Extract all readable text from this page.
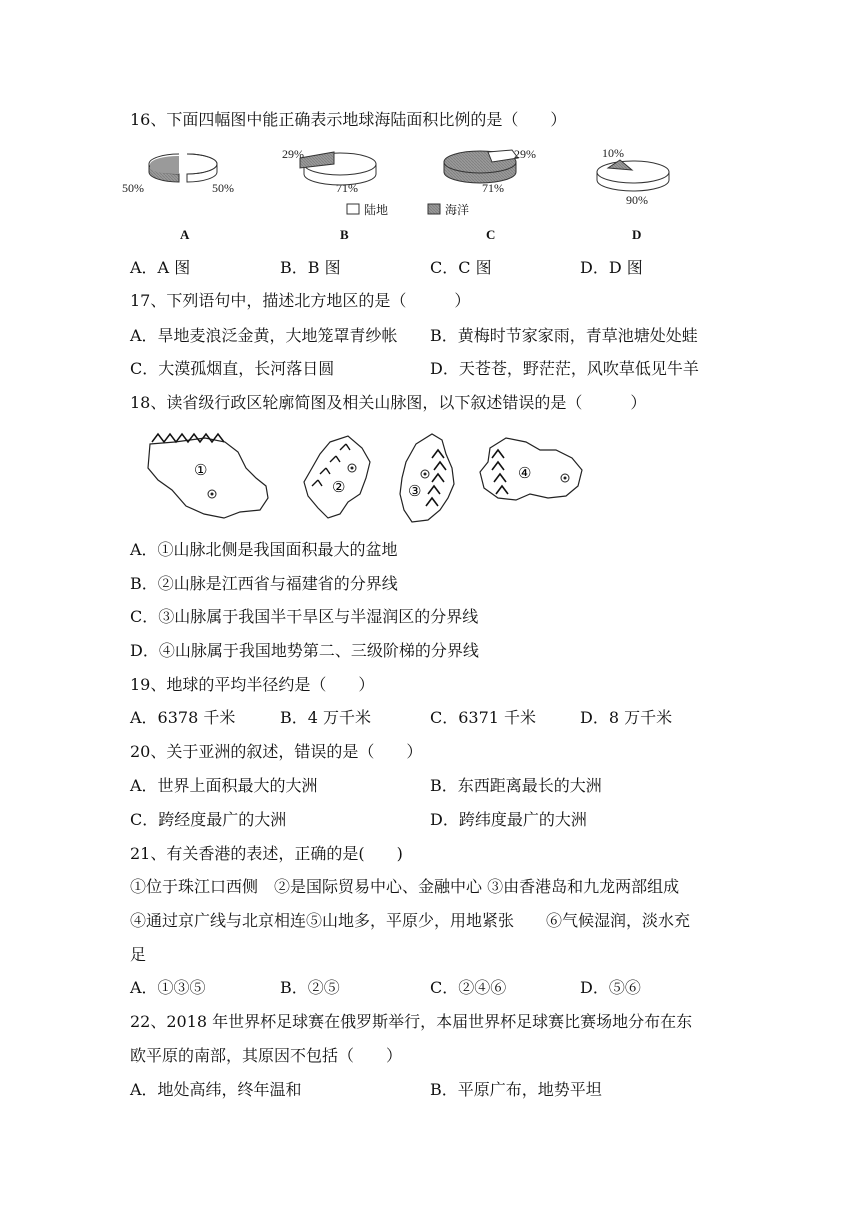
16、下面四幅图中能正确表示地球海陆面积比例的是（　　）
50%	50%
A
29%
71%
B
陆地	海洋
29%
71%
C
10%
90%
D
A．A 图	B．B 图	C．C 图	D．D 图
17、下列语句中，描述北方地区的是（　　　）
A．旱地麦浪泛金黄，大地笼罩青纱帐 B．黄梅时节家家雨，青草池塘处处蛙
C．大漠孤烟直，长河落日圆	D．天苍苍，野茫茫，风吹草低见牛羊
18、读省级行政区轮廓简图及相关山脉图，以下叙述错误的是（　　　）
①
②	③
④
A．①山脉北侧是我国面积最大的盆地
B．②山脉是江西省与福建省的分界线
C．③山脉属于我国半干旱区与半湿润区的分界线
D．④山脉属于我国地势第二、三级阶梯的分界线
19、地球的平均半径约是（　　）
A．6378 千米	B．4 万千米	C．6371 千米	D．8 万千米
20、关于亚洲的叙述，错误的是（　　）
A．世界上面积最大的大洲	B．东西距离最长的大洲
C．跨经度最广的大洲	D．跨纬度最广的大洲
21、有关香港的表述，正确的是(　　)
①位于珠江口西侧　②是国际贸易中心、金融中心 ③由香港岛和九龙两部组成
④通过京广线与北京相连⑤山地多，平原少，用地紧张　　⑥气候湿润，淡水充
足
A．①③⑤	B．②⑤	C．②④⑥	D．⑤⑥
22、2018 年世界杯足球赛在俄罗斯举行，本届世界杯足球赛比赛场地分布在东
欧平原的南部，其原因不包括（　　）
A．地处高纬，终年温和	B．平原广布，地势平坦
